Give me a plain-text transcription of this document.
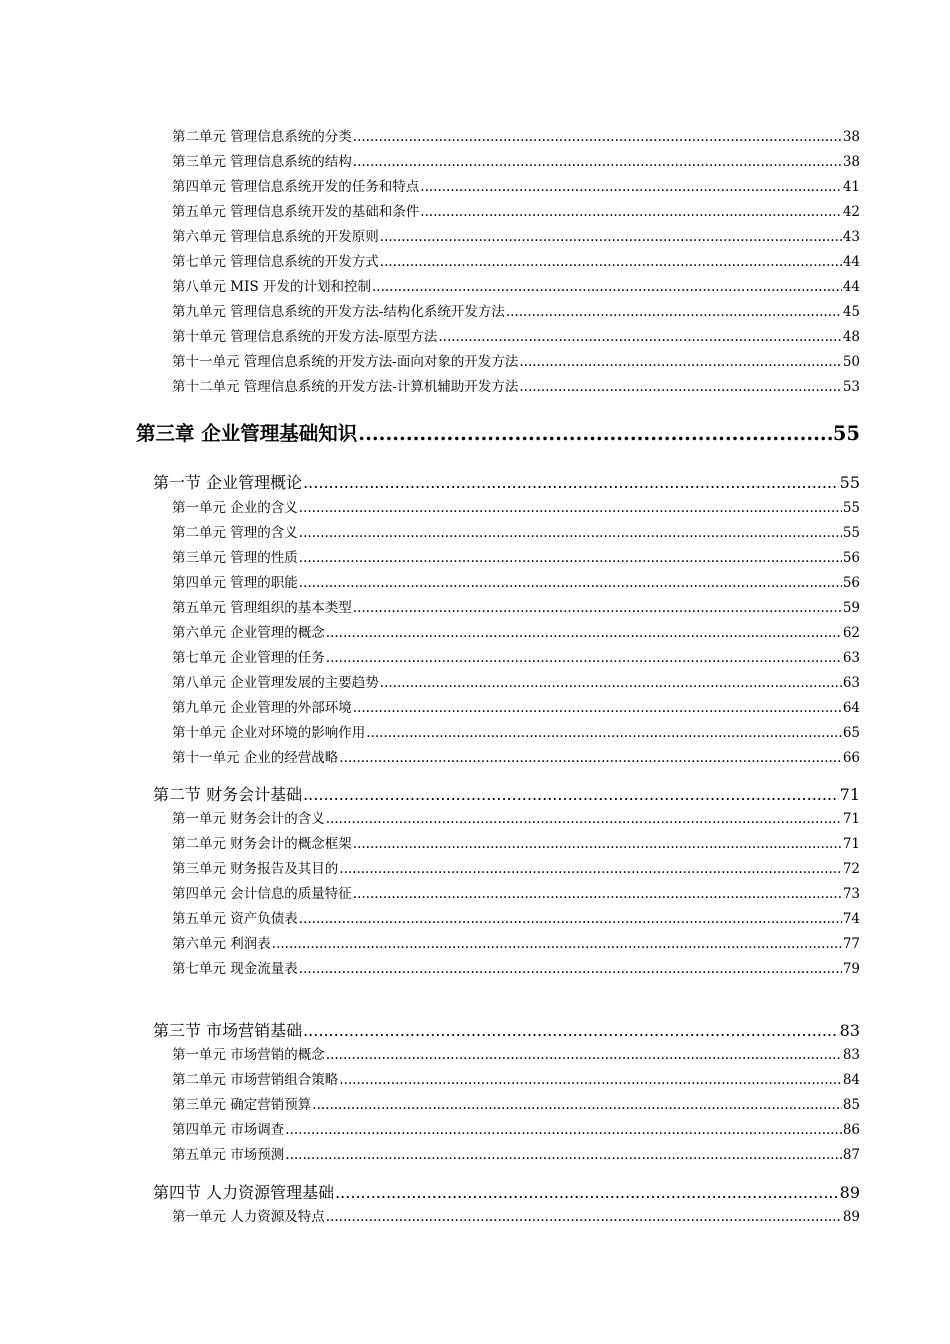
第二单元 管理信息系统的分类 .....	38
第三单元 管理信息系统的结构 .....	38
第四单元 管理信息系统开发的任务和特点 .....	41
第五单元 管理信息系统开发的基础和条件 .....	42
第六单元 管理信息系统的开发原则 .....	43
第七单元 管理信息系统的开发方式 .....	44
第八单元 MIS 开发的计划和控制 .....	44
第九单元 管理信息系统的开发方法-结构化系统开发方法 .....	45
第十单元 管理信息系统的开发方法-原型方法 .....	48
第十一单元 管理信息系统的开发方法-面向对象的开发方法 .....	50
第十二单元 管理信息系统的开发方法-计算机辅助开发方法 .....	53
第三章 企业管理基础知识 .....	55
第一节 企业管理概论 .....	55
第一单元 企业的含义 .....	55
第二单元 管理的含义 .....	55
第三单元 管理的性质 .....	56
第四单元 管理的职能 .....	56
第五单元 管理组织的基本类型 .....	59
第六单元 企业管理的概念 .....	62
第七单元 企业管理的任务 .....	63
第八单元 企业管理发展的主要趋势 .....	63
第九单元 企业管理的外部环境 .....	64
第十单元 企业对环境的影响作用 .....	65
第十一单元 企业的经营战略 .....	66
第二节 财务会计基础 .....	71
第一单元 财务会计的含义 .....	71
第二单元 财务会计的概念框架 .....	71
第三单元 财务报告及其目的 .....	72
第四单元 会计信息的质量特征 .....	73
第五单元 资产负债表 .....	74
第六单元 利润表 .....	77
第七单元 现金流量表 .....	79
第三节 市场营销基础 .....	83
第一单元 市场营销的概念 .....	83
第二单元 市场营销组合策略 .....	84
第三单元 确定营销预算 .....	85
第四单元 市场调查 .....	86
第五单元 市场预测 .....	87
第四节 人力资源管理基础 .....	89
第一单元 人力资源及特点 .....	89
